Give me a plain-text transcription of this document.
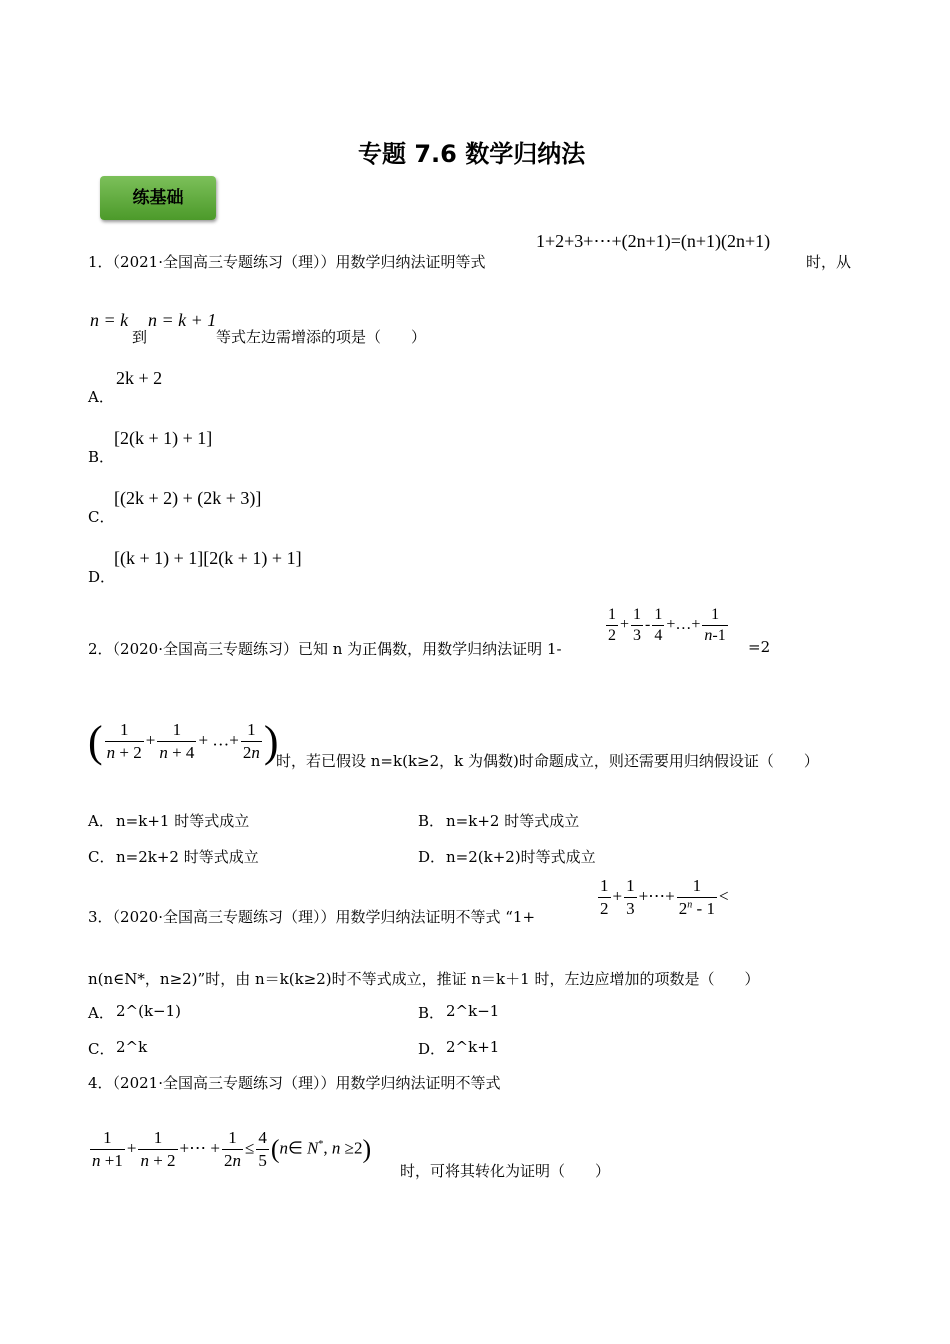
专题 7.6 数学归纳法
练基础
1．（2021·全国高三专题练习（理））用数学归纳法证明等式
1+2+3+⋯+(2n+1)=(n+1)(2n+1)
时，从
n = k
到
n = k + 1
等式左边需增添的项是（　　）
A．
2k + 2
B．
[2(k + 1) + 1]
C．
[(2k + 2) + (2k + 3)]
D．
[(k + 1) + 1][2(k + 1) + 1]
2．（2020·全国高三专题练习）已知 n 为正偶数，用数学归纳法证明 1-
$\frac{1}{2} + \frac{1}{3} - \frac{1}{4}$ +…+ $\frac{1}{n-1}$
=2
( $\frac{1}{n + 2} + \frac{1}{n + 4}$ + …+ $\frac{1}{2n}$ )
时，若已假设 n=k(k≥2，k 为偶数)时命题成立，则还需要用归纳假设证（　　）
A． n=k+1 时等式成立	B． n=k+2 时等式成立
C． n=2k+2 时等式成立	D． n=2(k+2)时等式成立
3．（2020·全国高三专题练习（理））用数学归纳法证明不等式 “1+	$\frac{1}{2} + \frac{1}{3}$ +⋯+ $\frac{1}{2^n - 1}$ <
n(n∈N*，n≥2)”时，由 n＝k(k≥2)时不等式成立，推证 n＝k＋1 时，左边应增加的项数是（　　）
A． 2^(k−1)	B． 2^k−1
C． 2^k	D． 2^k+1
4．（2021·全国高三专题练习（理））用数学归纳法证明不等式
$\frac{1}{n +1} + \frac{1}{n + 2}$ +⋯ + $\frac{1}{2n} \le \frac{4}{5}$ (n∈ N*, n ≥2)
时，可将其转化为证明（　　）
